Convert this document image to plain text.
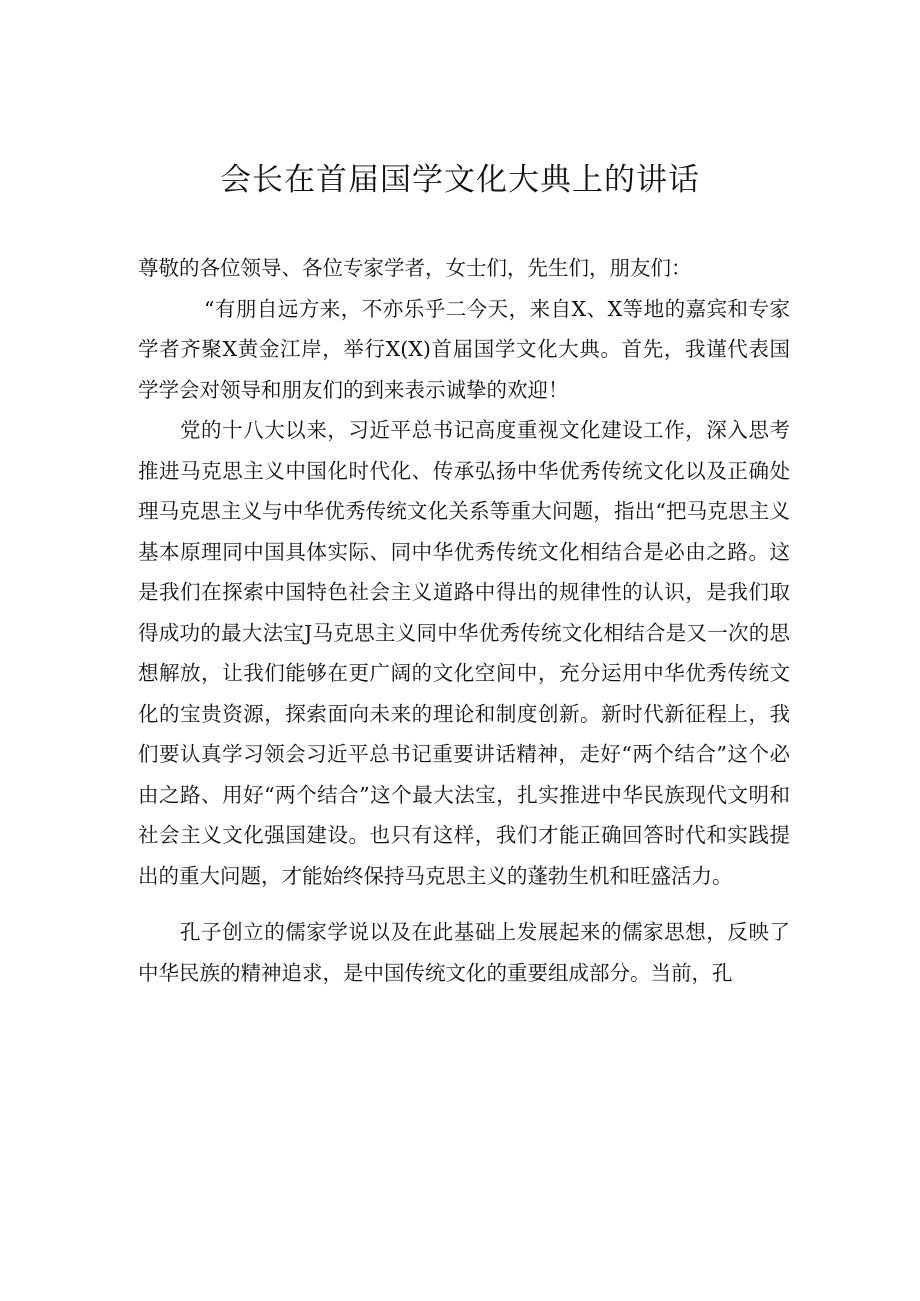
会长在首届国学文化大典上的讲话

尊敬的各位领导、各位专家学者，女士们，先生们，朋友们：

“有朋自远方来，不亦乐乎二今天，来自X、X等地的嘉宾和专家学者齐聚X黄金江岸，举行X(X)首届国学文化大典。首先，我谨代表国学学会对领导和朋友们的到来表示诚挚的欢迎！

党的十八大以来，习近平总书记高度重视文化建设工作，深入思考推进马克思主义中国化时代化、传承弘扬中华优秀传统文化以及正确处理马克思主义与中华优秀传统文化关系等重大问题，指出“把马克思主义基本原理同中国具体实际、同中华优秀传统文化相结合是必由之路。这是我们在探索中国特色社会主义道路中得出的规律性的认识，是我们取得成功的最大法宝J马克思主义同中华优秀传统文化相结合是又一次的思想解放，让我们能够在更广阔的文化空间中，充分运用中华优秀传统文化的宝贵资源，探索面向未来的理论和制度创新。新时代新征程上，我们要认真学习领会习近平总书记重要讲话精神，走好“两个结合”这个必由之路、用好“两个结合”这个最大法宝，扎实推进中华民族现代文明和社会主义文化强国建设。也只有这样，我们才能正确回答时代和实践提出的重大问题，才能始终保持马克思主义的蓬勃生机和旺盛活力。

孔子创立的儒家学说以及在此基础上发展起来的儒家思想，反映了中华民族的精神追求，是中国传统文化的重要组成部分。当前，孔
